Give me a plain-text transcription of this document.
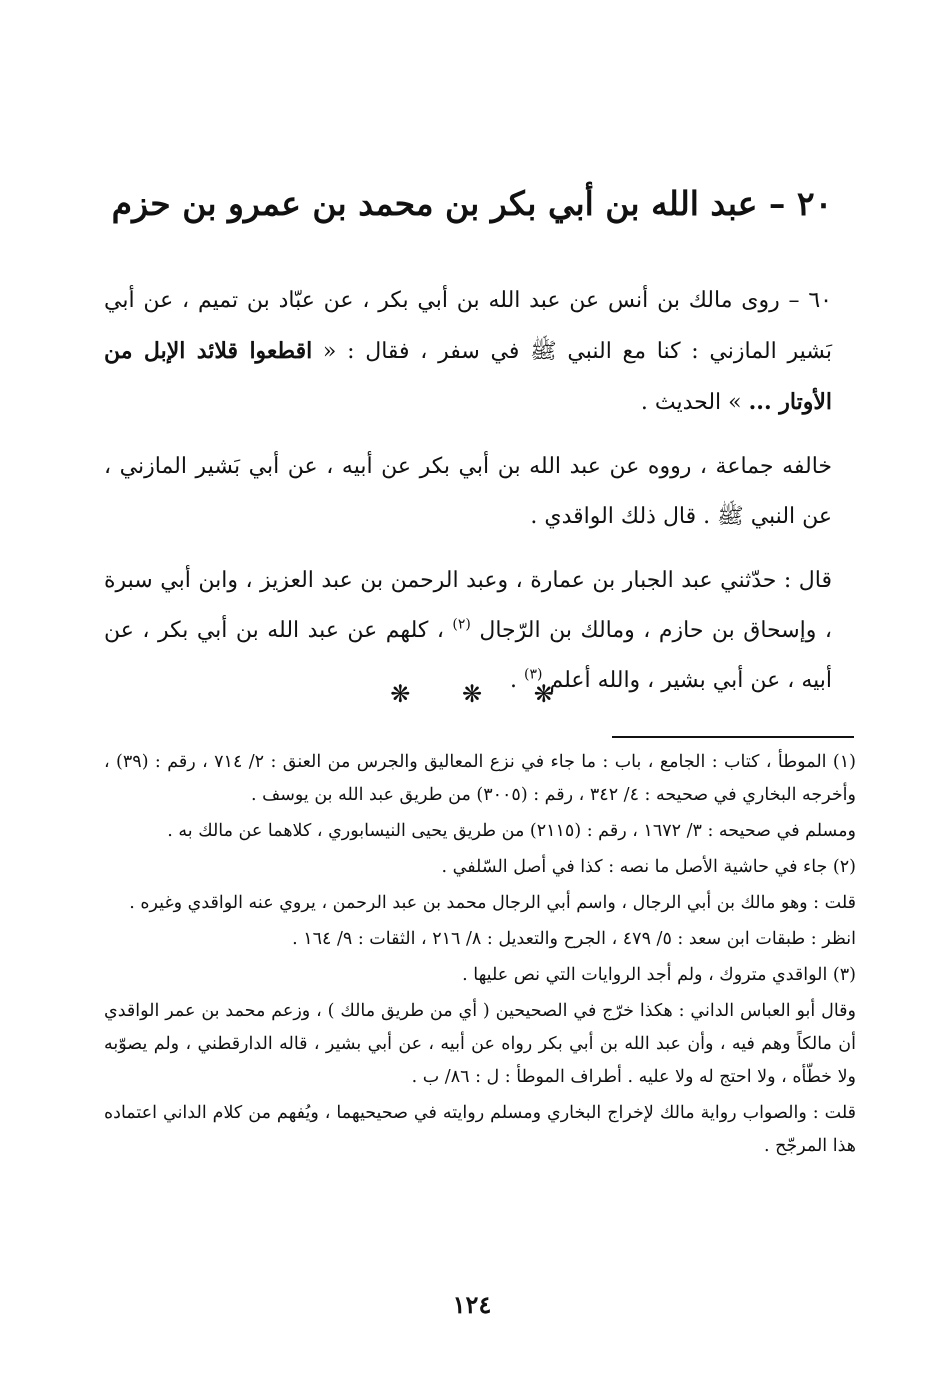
٢٠ – عبد الله بن أبي بكر بن محمد بن عمرو بن حزم

٦٠ – روى مالك بن أنس عن عبد الله بن أبي بكر ، عن عبّاد بن تميم ، عن أبي بَشير المازني : كنا مع النبي ﷺ في سفر ، فقال : « اقطعوا قلائد الإبل من الأوتار ... » الحديث .

خالفه جماعة ، رووه عن عبد الله بن أبي بكر عن أبيه ، عن أبي بَشير المازني ، عن النبي ﷺ . قال ذلك الواقدي .

قال : حدّثني عبد الجبار بن عمارة ، وعبد الرحمن بن عبد العزيز ، وابن أبي سبرة ، وإسحاق بن حازم ، ومالك بن الرّجال $^{(٢)}$ ، كلهم عن عبد الله بن أبي بكر ، عن أبيه ، عن أبي بشير ، والله أعلم $^{(٣)}$ .

❋ ❋ ❋

(١) الموطأ ، كتاب : الجامع ، باب : ما جاء في نزع المعاليق والجرس من العنق : ٢/ ٧١٤ ، رقم : (٣٩) ، وأخرجه البخاري في صحيحه : ٤/ ٣٤٢ ، رقم : (٣٠٠٥) من طريق عبد الله بن يوسف .

ومسلم في صحيحه : ٣/ ١٦٧٢ ، رقم : (٢١١٥) من طريق يحيى النيسابوري ، كلاهما عن مالك به .

(٢) جاء في حاشية الأصل ما نصه : كذا في أصل السّلفي .

قلت : وهو مالك بن أبي الرجال ، واسم أبي الرجال محمد بن عبد الرحمن ، يروي عنه الواقدي وغيره .

انظر : طبقات ابن سعد : ٥/ ٤٧٩ ، الجرح والتعديل : ٨/ ٢١٦ ، الثقات : ٩/ ١٦٤ .

(٣) الواقدي متروك ، ولم أجد الروايات التي نص عليها .

وقال أبو العباس الداني : هكذا خرّج في الصحيحين ( أي من طريق مالك ) ، وزعم محمد بن عمر الواقدي أن مالكاً وهم فيه ، وأن عبد الله بن أبي بكر رواه عن أبيه ، عن أبي بشير ، قاله الدارقطني ، ولم يصوّبه ولا خطّأه ، ولا احتج له ولا عليه . أطراف الموطأ : ل : ٨٦/ ب .

قلت : والصواب رواية مالك لإخراج البخاري ومسلم روايته في صحيحيهما ، ويُفهم من كلام الداني اعتماده هذا المرجّح .

١٢٤
